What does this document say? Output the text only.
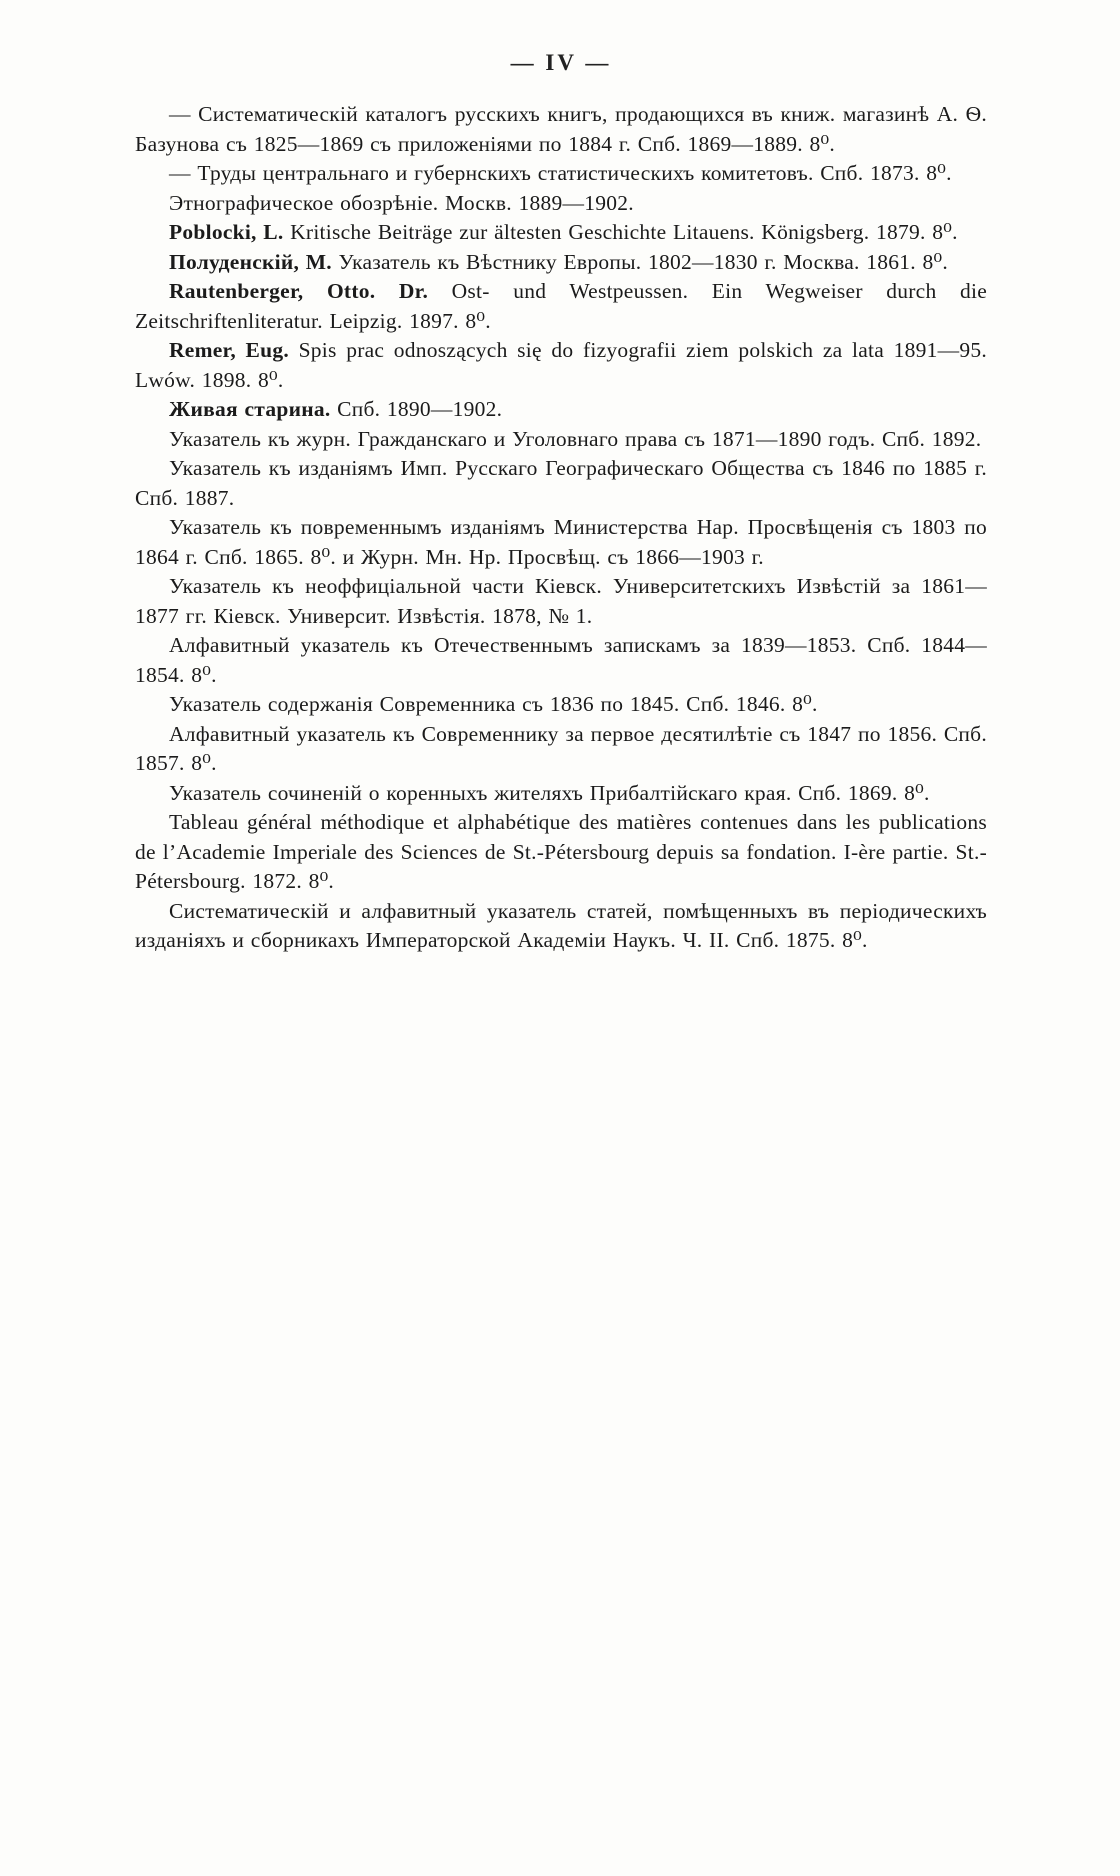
— IV —

— Систематическій каталогъ русскихъ книгъ, продающихся въ книж. магазинѣ А. Ѳ. Базунова съ 1825—1869 съ приложеніями по 1884 г. Спб. 1869—1889. 8⁰.

— Труды центральнаго и губернскихъ статистическихъ комитетовъ. Спб. 1873. 8⁰.

Этнографическое обозрѣніе. Москв. 1889—1902.

Poblocki, L. Kritische Beiträge zur ältesten Geschichte Litauens. Königsberg. 1879. 8⁰.

Полуденскій, М. Указатель къ Вѣстнику Европы. 1802—1830 г. Москва. 1861. 8⁰.

Rautenberger, Otto. Dr. Ost- und Westpeussen. Ein Wegweiser durch die Zeitschriftenliteratur. Leipzig. 1897. 8⁰.

Remer, Eug. Spis prac odnoszących się do fizyografii ziem polskich za lata 1891—95. Lwów. 1898. 8⁰.

Живая старина. Спб. 1890—1902.

Указатель къ журн. Гражданскаго и Уголовнаго права съ 1871—1890 годъ. Спб. 1892.

Указатель къ изданіямъ Имп. Русскаго Географическаго Общества съ 1846 по 1885 г. Спб. 1887.

Указатель къ повременнымъ изданіямъ Министерства Нар. Просвѣщенія съ 1803 по 1864 г. Спб. 1865. 8⁰. и Журн. Мн. Нр. Просвѣщ. съ 1866—1903 г.

Указатель къ неоффиціальной части Кіевск. Университетскихъ Извѣстій за 1861—1877 гг. Кіевск. Университ. Извѣстія. 1878, № 1.

Алфавитный указатель къ Отечественнымъ запискамъ за 1839—1853. Спб. 1844—1854. 8⁰.

Указатель содержанія Современника съ 1836 по 1845. Спб. 1846. 8⁰.

Алфавитный указатель къ Современнику за первое десятилѣтіе съ 1847 по 1856. Спб. 1857. 8⁰.

Указатель сочиненій о коренныхъ жителяхъ Прибалтійскаго края. Спб. 1869. 8⁰.

Tableau général méthodique et alphabétique des matières contenues dans les publications de l’Academie Imperiale des Sciences de St.-Pétersbourg depuis sa fondation. I-ère partie. St.-Pétersbourg. 1872. 8⁰.

Систематическій и алфавитный указатель статей, помѣщенныхъ въ періодическихъ изданіяхъ и сборникахъ Императорской Академіи Наукъ. Ч. II. Спб. 1875. 8⁰.
